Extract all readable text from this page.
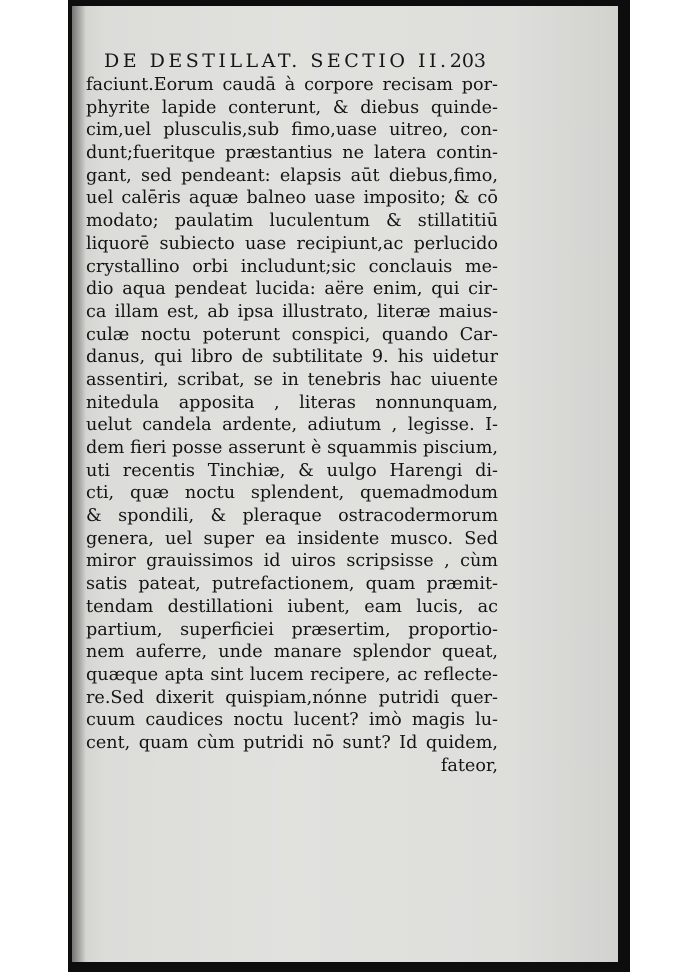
DE DESTILLAT. SECTIO II. 203
faciunt.Eorum caudā à corpore recisam por-
phyrite lapide conterunt, & diebus quinde-
cim,uel plusculis,sub fimo,uase uitreo, con-
dunt;fueritque præstantius ne latera contin-
gant, sed pendeant: elapsis aūt diebus,fimo,
uel calēris aquæ balneo uase imposito; & cō
modato; paulatim luculentum & stillatitiū
liquorē subiecto uase recipiunt,ac perlucido
crystallino orbi includunt;sic conclauis me-
dio aqua pendeat lucida: aëre enim, qui cir-
ca illam est, ab ipsa illustrato, literæ maius-
culæ noctu poterunt conspici, quando Car-
danus, qui libro de subtilitate 9. his uidetur
assentiri, scribat, se in tenebris hac uiuente
nitedula apposita , literas nonnunquam,
uelut candela ardente, adiutum , legisse. I-
dem fieri posse asserunt è squammis piscium,
uti recentis Tinchiæ, & uulgo Harengi di-
cti, quæ noctu splendent, quemadmodum
& spondili, & pleraque ostracodermorum
genera, uel super ea insidente musco. Sed
miror grauissimos id uiros scripsisse , cùm
satis pateat, putrefactionem, quam præmit-
tendam destillationi iubent, eam lucis, ac
partium, superficiei præsertim, proportio-
nem auferre, unde manare splendor queat,
quæque apta sint lucem recipere, ac reflecte-
re.Sed dixerit quispiam,nónne putridi quer-
cuum caudices noctu lucent? imò magis lu-
cent, quam cùm putridi nō sunt? Id quidem,
fateor,
